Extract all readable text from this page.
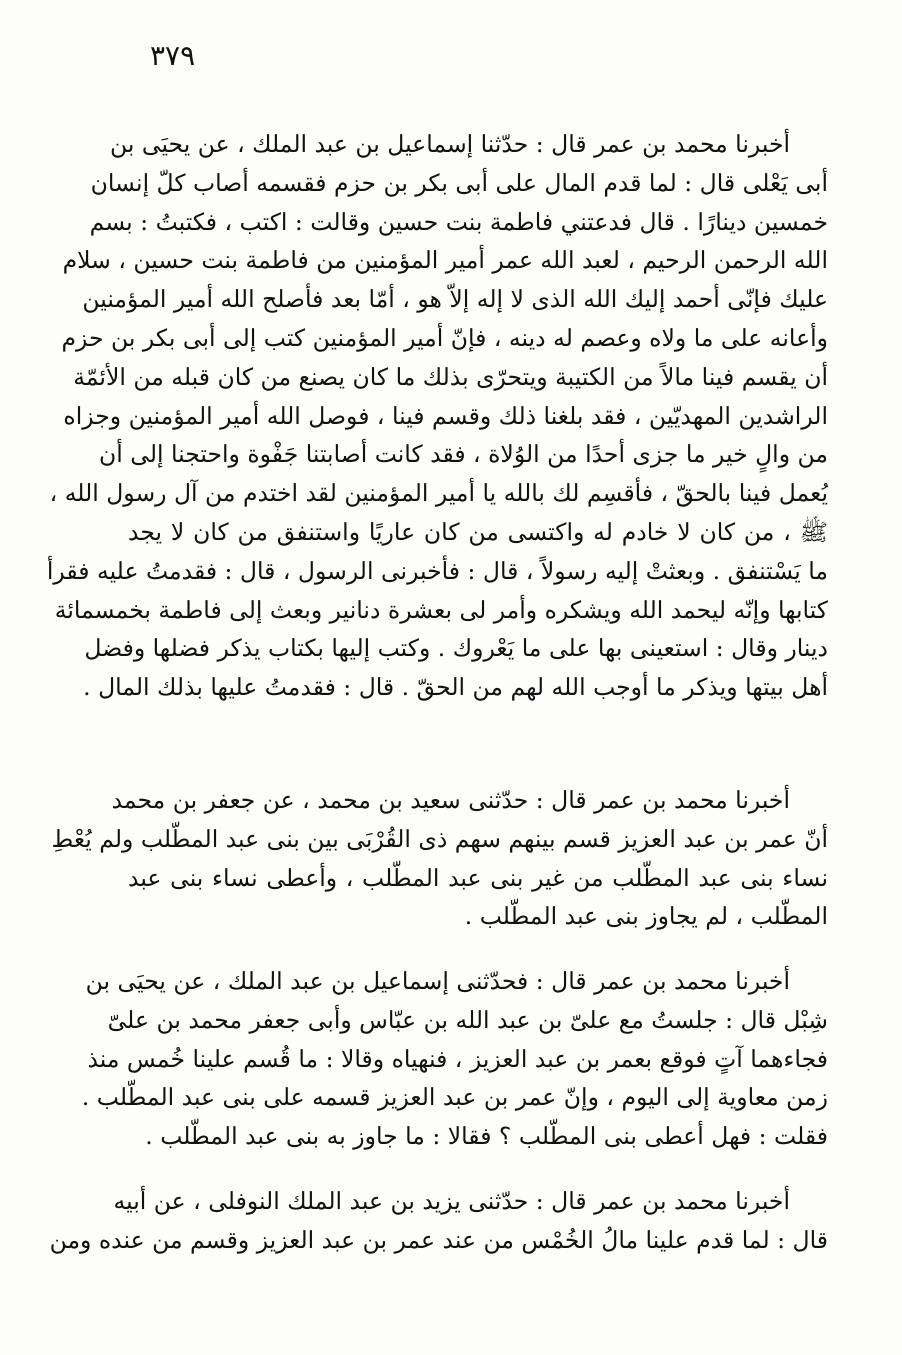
٣٧٩
أخبرنا محمد بن عمر قال : حدّثنا إسماعيل بن عبد الملك ، عن يحيَى بن
أبى يَعْلى قال : لما قدم المال على أبى بكر بن حزم فقسمه أصاب كلّ إنسان
خمسين دينارًا . قال فدعتني فاطمة بنت حسين وقالت : اكتب ، فكتبتُ : بسم
الله الرحمن الرحيم ، لعبد الله عمر أمير المؤمنين من فاطمة بنت حسين ، سلام
عليك فإنّى أحمد إليك الله الذى لا إله إلاّ هو ، أمّا بعد فأصلح الله أمير المؤمنين
وأعانه على ما ولاه وعصم له دينه ، فإنّ أمير المؤمنين كتب إلى أبى بكر بن حزم
أن يقسم فينا مالاً من الكتيبة ويتحرّى بذلك ما كان يصنع من كان قبله من الأئمّة
الراشدين المهديّين ، فقد بلغنا ذلك وقسم فينا ، فوصل الله أمير المؤمنين وجزاه
من والٍ خير ما جزى أحدًا من الوُلاة ، فقد كانت أصابتنا جَفْوة واحتجنا إلى أن
يُعمل فينا بالحقّ ، فأقسِم لك بالله يا أمير المؤمنين لقد اختدم من آل رسول الله ،
ﷺ ، من كان لا خادم له واكتسى من كان عاريًا واستنفق من كان لا يجد
ما يَسْتنفق . وبعثتْ إليه رسولاً ، قال : فأخبرنى الرسول ، قال : فقدمتُ عليه فقرأ
كتابها وإنّه ليحمد الله ويشكره وأمر لى بعشرة دنانير وبعث إلى فاطمة بخمسمائة
دينار وقال : استعينى بها على ما يَعْروك . وكتب إليها بكتاب يذكر فضلها وفضل
أهل بيتها ويذكر ما أوجب الله لهم من الحقّ . قال : فقدمتُ عليها بذلك المال .
أخبرنا محمد بن عمر قال : حدّثنى سعيد بن محمد ، عن جعفر بن محمد
أنّ عمر بن عبد العزيز قسم بينهم سهم ذى القُرْبَى بين بنى عبد المطّلب ولم يُعْطِ
نساء بنى عبد المطّلب من غير بنى عبد المطّلب ، وأعطى نساء بنى عبد
المطّلب ، لم يجاوز بنى عبد المطّلب .
أخبرنا محمد بن عمر قال : فحدّثنى إسماعيل بن عبد الملك ، عن يحيَى بن
شِبْل قال : جلستُ مع علىّ بن عبد الله بن عبّاس وأبى جعفر محمد بن علىّ
فجاءهما آتٍ فوقع بعمر بن عبد العزيز ، فنهياه وقالا : ما قُسم علينا خُمس منذ
زمن معاوية إلى اليوم ، وإنّ عمر بن عبد العزيز قسمه على بنى عبد المطّلب .
فقلت : فهل أعطى بنى المطّلب ؟ فقالا : ما جاوز به بنى عبد المطّلب .
أخبرنا محمد بن عمر قال : حدّثنى يزيد بن عبد الملك النوفلى ، عن أبيه
قال : لما قدم علينا مالُ الخُمْس من عند عمر بن عبد العزيز وقسم من عنده ومن
